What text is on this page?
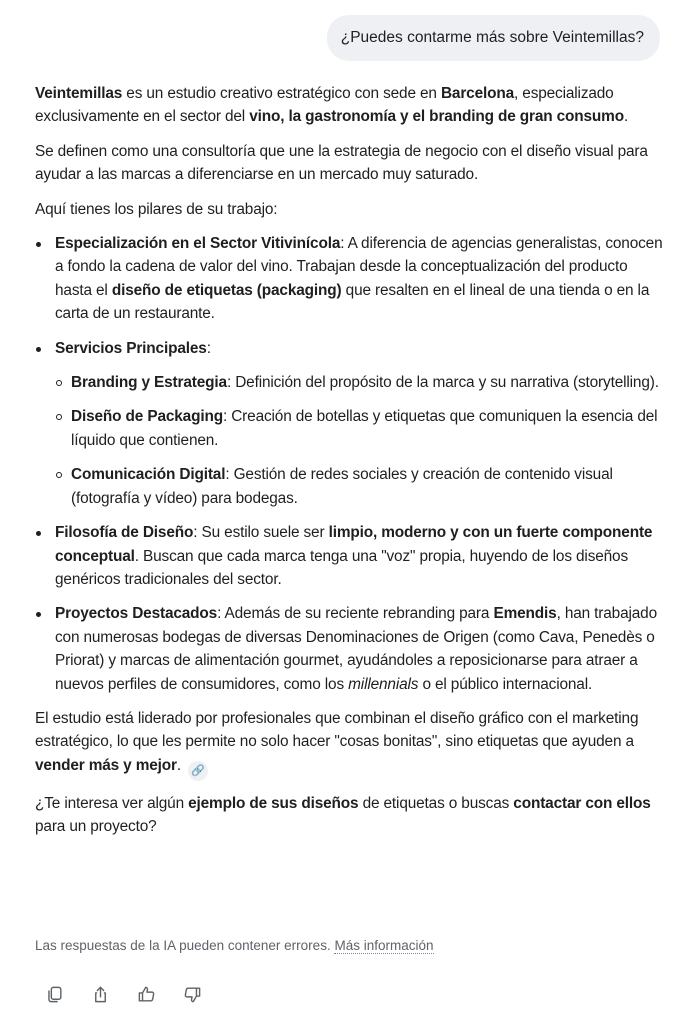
¿Puedes contarme más sobre Veintemillas?

Veintemillas es un estudio creativo estratégico con sede en Barcelona, especializado exclusivamente en el sector del vino, la gastronomía y el branding de gran consumo.

Se definen como una consultoría que une la estrategia de negocio con el diseño visual para ayudar a las marcas a diferenciarse en un mercado muy saturado.

Aquí tienes los pilares de su trabajo:

Especialización en el Sector Vitivinícola: A diferencia de agencias generalistas, conocen a fondo la cadena de valor del vino. Trabajan desde la conceptualización del producto hasta el diseño de etiquetas (packaging) que resalten en el lineal de una tienda o en la carta de un restaurante.
Servicios Principales:
Branding y Estrategia: Definición del propósito de la marca y su narrativa (storytelling).
Diseño de Packaging: Creación de botellas y etiquetas que comuniquen la esencia del líquido que contienen.
Comunicación Digital: Gestión de redes sociales y creación de contenido visual (fotografía y vídeo) para bodegas.
Filosofía de Diseño: Su estilo suele ser limpio, moderno y con un fuerte componente conceptual. Buscan que cada marca tenga una "voz" propia, huyendo de los diseños genéricos tradicionales del sector.
Proyectos Destacados: Además de su reciente rebranding para Emendis, han trabajado con numerosas bodegas de diversas Denominaciones de Origen (como Cava, Penedès o Priorat) y marcas de alimentación gourmet, ayudándoles a reposicionarse para atraer a nuevos perfiles de consumidores, como los millennials o el público internacional.

El estudio está liderado por profesionales que combinan el diseño gráfico con el marketing estratégico, lo que les permite no solo hacer "cosas bonitas", sino etiquetas que ayuden a vender más y mejor. 🔗

¿Te interesa ver algún ejemplo de sus diseños de etiquetas o buscas contactar con ellos para un proyecto?

Las respuestas de la IA pueden contener errores. Más información
